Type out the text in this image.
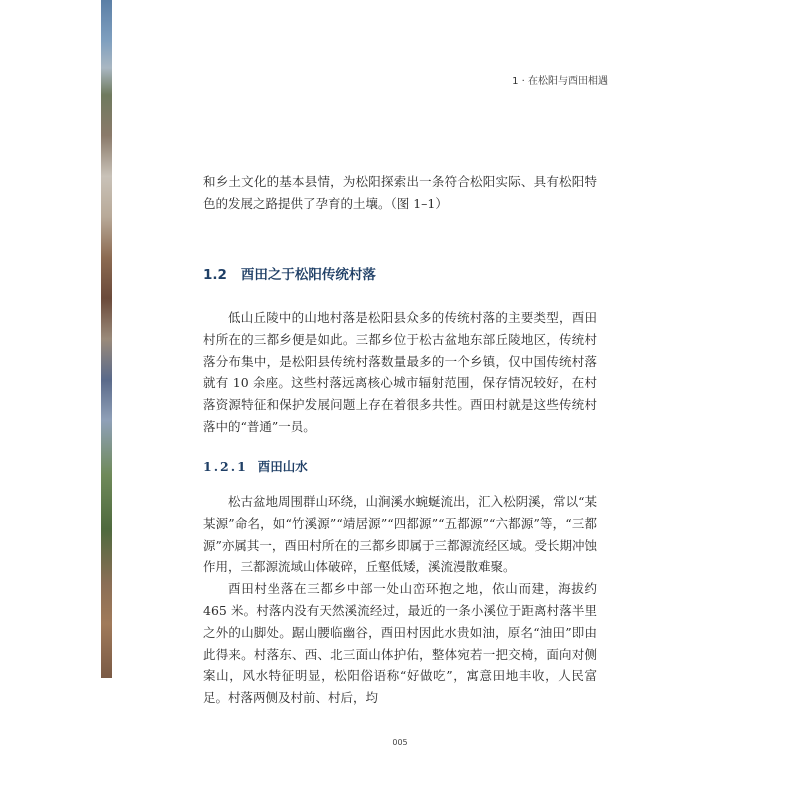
1 · 在松阳与酉田相遇

和乡土文化的基本县情，为松阳探索出一条符合松阳实际、具有松阳特色的发展之路提供了孕育的土壤。（图 1–1）

1.2 酉田之于松阳传统村落

低山丘陵中的山地村落是松阳县众多的传统村落的主要类型，酉田村所在的三都乡便是如此。三都乡位于松古盆地东部丘陵地区，传统村落分布集中，是松阳县传统村落数量最多的一个乡镇，仅中国传统村落就有 10 余座。这些村落远离核心城市辐射范围，保存情况较好，在村落资源特征和保护发展问题上存在着很多共性。酉田村就是这些传统村落中的“普通”一员。

1.2.1 酉田山水

松古盆地周围群山环绕，山涧溪水蜿蜒流出，汇入松阴溪，常以“某某源”命名，如“竹溪源”“靖居源”“四都源”“五都源”“六都源”等，“三都源”亦属其一，酉田村所在的三都乡即属于三都源流经区域。受长期冲蚀作用，三都源流域山体破碎，丘壑低矮，溪流漫散难聚。

酉田村坐落在三都乡中部一处山峦环抱之地，依山而建，海拔约 465 米。村落内没有天然溪流经过，最近的一条小溪位于距离村落半里之外的山脚处。踞山腰临幽谷，酉田村因此水贵如油，原名“油田”即由此得来。村落东、西、北三面山体护佑，整体宛若一把交椅，面向对侧案山，风水特征明显，松阳俗语称“好做吃”，寓意田地丰收，人民富足。村落两侧及村前、村后，均

005
